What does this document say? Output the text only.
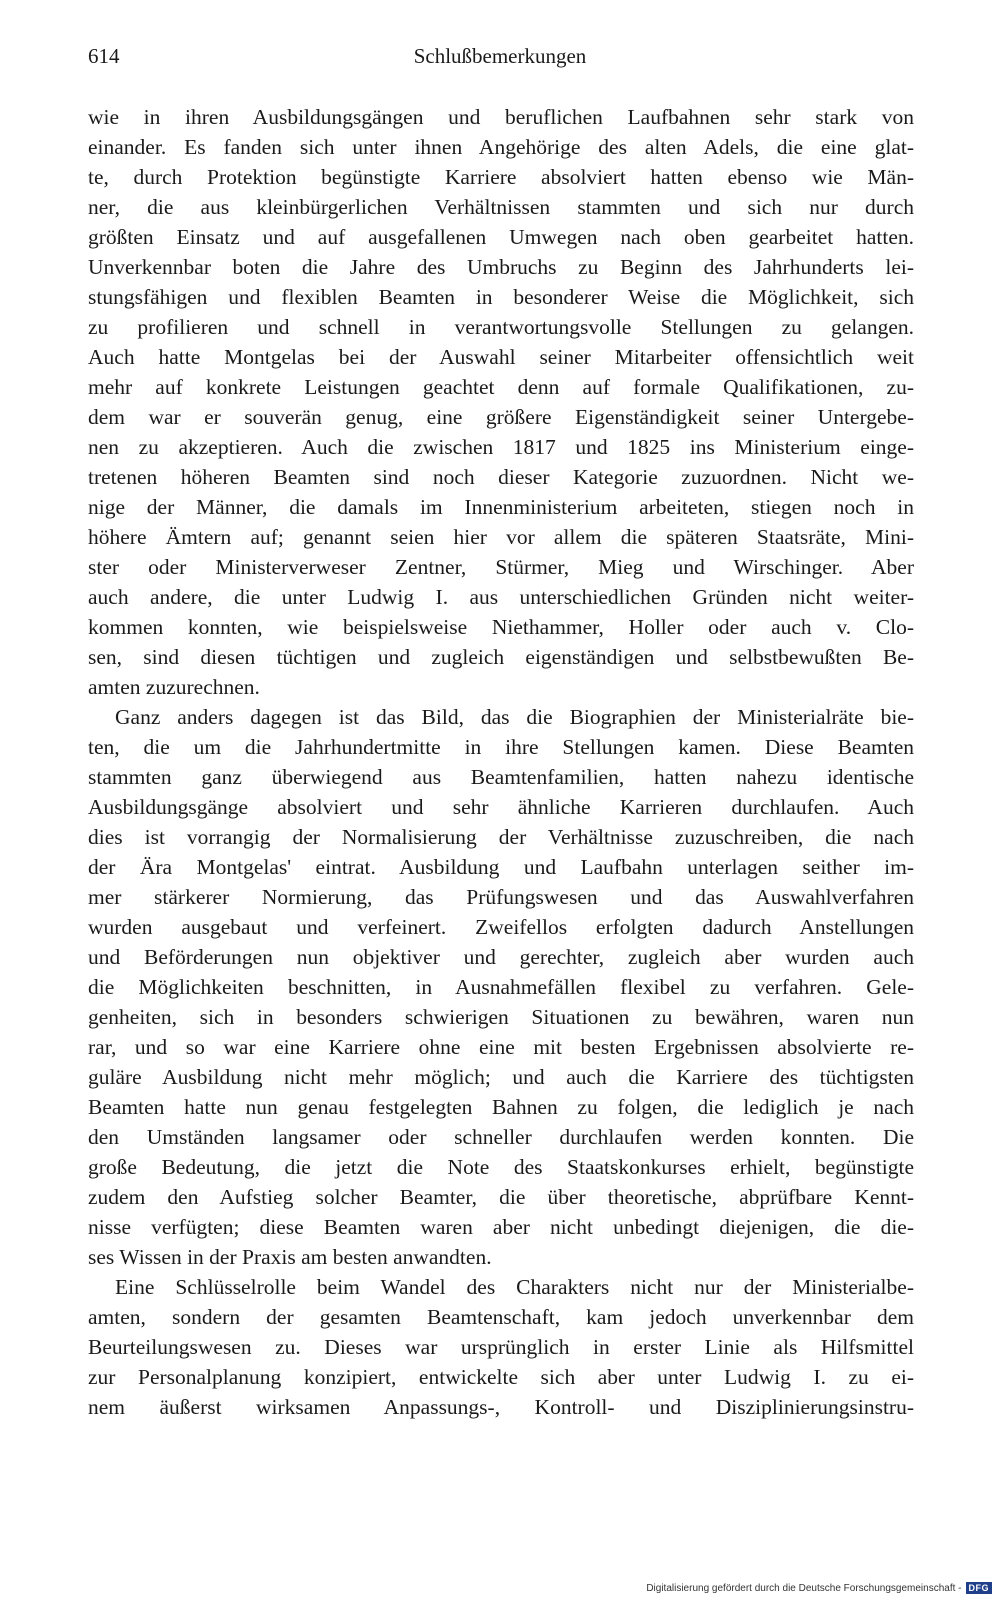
614	Schlußbemerkungen
wie in ihren Ausbildungsgängen und beruflichen Laufbahnen sehr stark von
einander. Es fanden sich unter ihnen Angehörige des alten Adels, die eine glat-
te, durch Protektion begünstigte Karriere absolviert hatten ebenso wie Män-
ner, die aus kleinbürgerlichen Verhältnissen stammten und sich nur durch
größten Einsatz und auf ausgefallenen Umwegen nach oben gearbeitet hatten.
Unverkennbar boten die Jahre des Umbruchs zu Beginn des Jahrhunderts lei-
stungsfähigen und flexiblen Beamten in besonderer Weise die Möglichkeit, sich
zu profilieren und schnell in verantwortungsvolle Stellungen zu gelangen.
Auch hatte Montgelas bei der Auswahl seiner Mitarbeiter offensichtlich weit
mehr auf konkrete Leistungen geachtet denn auf formale Qualifikationen, zu-
dem war er souverän genug, eine größere Eigenständigkeit seiner Untergebe-
nen zu akzeptieren. Auch die zwischen 1817 und 1825 ins Ministerium einge-
tretenen höheren Beamten sind noch dieser Kategorie zuzuordnen. Nicht we-
nige der Männer, die damals im Innenministerium arbeiteten, stiegen noch in
höhere Ämtern auf; genannt seien hier vor allem die späteren Staatsräte, Mini-
ster oder Ministerverweser Zentner, Stürmer, Mieg und Wirschinger. Aber
auch andere, die unter Ludwig I. aus unterschiedlichen Gründen nicht weiter-
kommen konnten, wie beispielsweise Niethammer, Holler oder auch v. Clo-
sen, sind diesen tüchtigen und zugleich eigenständigen und selbstbewußten Be-
amten zuzurechnen.
Ganz anders dagegen ist das Bild, das die Biographien der Ministerialräte bie-
ten, die um die Jahrhundertmitte in ihre Stellungen kamen. Diese Beamten
stammten ganz überwiegend aus Beamtenfamilien, hatten nahezu identische
Ausbildungsgänge absolviert und sehr ähnliche Karrieren durchlaufen. Auch
dies ist vorrangig der Normalisierung der Verhältnisse zuzuschreiben, die nach
der Ära Montgelas' eintrat. Ausbildung und Laufbahn unterlagen seither im-
mer stärkerer Normierung, das Prüfungswesen und das Auswahlverfahren
wurden ausgebaut und verfeinert. Zweifellos erfolgten dadurch Anstellungen
und Beförderungen nun objektiver und gerechter, zugleich aber wurden auch
die Möglichkeiten beschnitten, in Ausnahmefällen flexibel zu verfahren. Gele-
genheiten, sich in besonders schwierigen Situationen zu bewähren, waren nun
rar, und so war eine Karriere ohne eine mit besten Ergebnissen absolvierte re-
guläre Ausbildung nicht mehr möglich; und auch die Karriere des tüchtigsten
Beamten hatte nun genau festgelegten Bahnen zu folgen, die lediglich je nach
den Umständen langsamer oder schneller durchlaufen werden konnten. Die
große Bedeutung, die jetzt die Note des Staatskonkurses erhielt, begünstigte
zudem den Aufstieg solcher Beamter, die über theoretische, abprüfbare Kennt-
nisse verfügten; diese Beamten waren aber nicht unbedingt diejenigen, die die-
ses Wissen in der Praxis am besten anwandten.
Eine Schlüsselrolle beim Wandel des Charakters nicht nur der Ministerialbe-
amten, sondern der gesamten Beamtenschaft, kam jedoch unverkennbar dem
Beurteilungswesen zu. Dieses war ursprünglich in erster Linie als Hilfsmittel
zur Personalplanung konzipiert, entwickelte sich aber unter Ludwig I. zu ei-
nem äußerst wirksamen Anpassungs-, Kontroll- und Disziplinierungsinstru-
Digitalisierung gefördert durch die Deutsche Forschungsgemeinschaft - DFG
